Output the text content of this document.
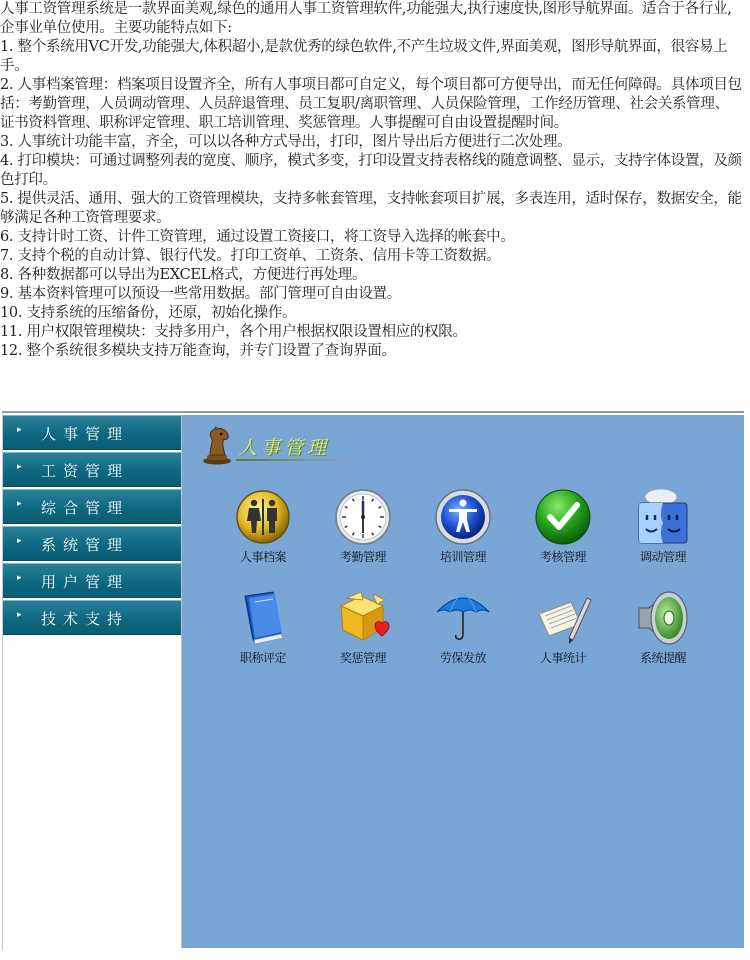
人事工资管理系统是一款界面美观,绿色的通用人事工资管理软件,功能强大,执行速度快,图形导航界面。适合于各行业,企事业单位使用。主要功能特点如下:

1. 整个系统用VC开发,功能强大,体积超小,是款优秀的绿色软件,不产生垃圾文件,界面美观，图形导航界面，很容易上手。

2. 人事档案管理：档案项目设置齐全，所有人事项目都可自定义，每个项目都可方便导出，而无任何障碍。具体项目包括：考勤管理，人员调动管理、人员辞退管理、员工复职/离职管理、人员保险管理，工作经历管理、社会关系管理、证书资料管理、职称评定管理、职工培训管理、奖惩管理。人事提醒可自由设置提醒时间。

3. 人事统计功能丰富，齐全，可以以各种方式导出，打印，图片导出后方便进行二次处理。

4. 打印模块：可通过调整列表的宽度、顺序，模式多变，打印设置支持表格线的随意调整、显示，支持字体设置，及颜色打印。

5. 提供灵活、通用、强大的工资管理模块，支持多帐套管理，支持帐套项目扩展，多表连用，适时保存，数据安全，能够满足各种工资管理要求。

6. 支持计时工资、计件工资管理，通过设置工资接口，将工资导入选择的帐套中。

7. 支持个税的自动计算、银行代发。打印工资单、工资条、信用卡等工资数据。

8. 各种数据都可以导出为EXCEL格式，方便进行再处理。

9. 基本资料管理可以预设一些常用数据。部门管理可自由设置。

10. 支持系统的压缩备份，还原，初始化操作。

11. 用户权限管理模块：支持多用户，各个用户根据权限设置相应的权限。

12. 整个系统很多模块支持万能查询，并专门设置了查询界面。

▸ 人事管理
▸ 工资管理
▸ 综合管理
▸ 系统管理
▸ 用户管理
▸ 技术支持
人事管理
人事档案	考勤管理	培训管理	考核管理	调动管理
职称评定	奖惩管理	劳保发放	人事统计	系统提醒
